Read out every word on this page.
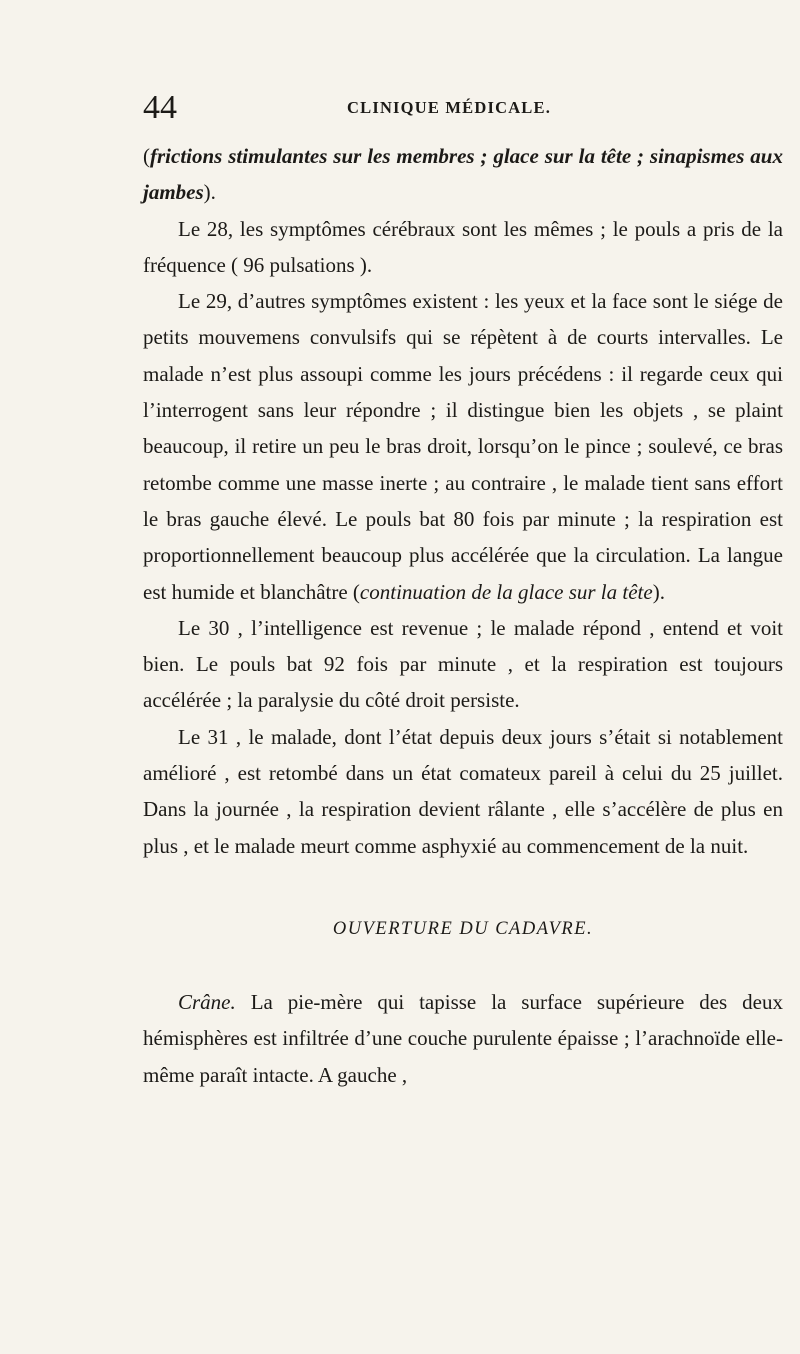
44	CLINIQUE MÉDICALE.

(frictions stimulantes sur les membres ; glace sur la tête ; sinapismes aux jambes).

Le 28, les symptômes cérébraux sont les mêmes ; le pouls a pris de la fréquence ( 96 pulsations ).

Le 29, d’autres symptômes existent : les yeux et la face sont le siége de petits mouvemens convulsifs qui se répètent à de courts intervalles. Le malade n’est plus assoupi comme les jours précédens : il regarde ceux qui l’interrogent sans leur répondre ; il distingue bien les objets , se plaint beaucoup, il retire un peu le bras droit, lorsqu’on le pince ; soulevé, ce bras retombe comme une masse inerte ; au contraire , le malade tient sans effort le bras gauche élevé. Le pouls bat 80 fois par minute ; la respiration est proportionnellement beaucoup plus accélérée que la circulation. La langue est humide et blanchâtre (continuation de la glace sur la tête).

Le 30 , l’intelligence est revenue ; le malade répond , entend et voit bien. Le pouls bat 92 fois par minute , et la respiration est toujours accélérée ; la paralysie du côté droit persiste.

Le 31 , le malade, dont l’état depuis deux jours s’était si notablement amélioré , est retombé dans un état comateux pareil à celui du 25 juillet. Dans la journée , la respiration devient râlante , elle s’accélère de plus en plus , et le malade meurt comme asphyxié au commencement de la nuit.

OUVERTURE DU CADAVRE.

Crâne. La pie-mère qui tapisse la surface supérieure des deux hémisphères est infiltrée d’une couche purulente épaisse ; l’arachnoïde elle-même paraît intacte. A gauche ,
